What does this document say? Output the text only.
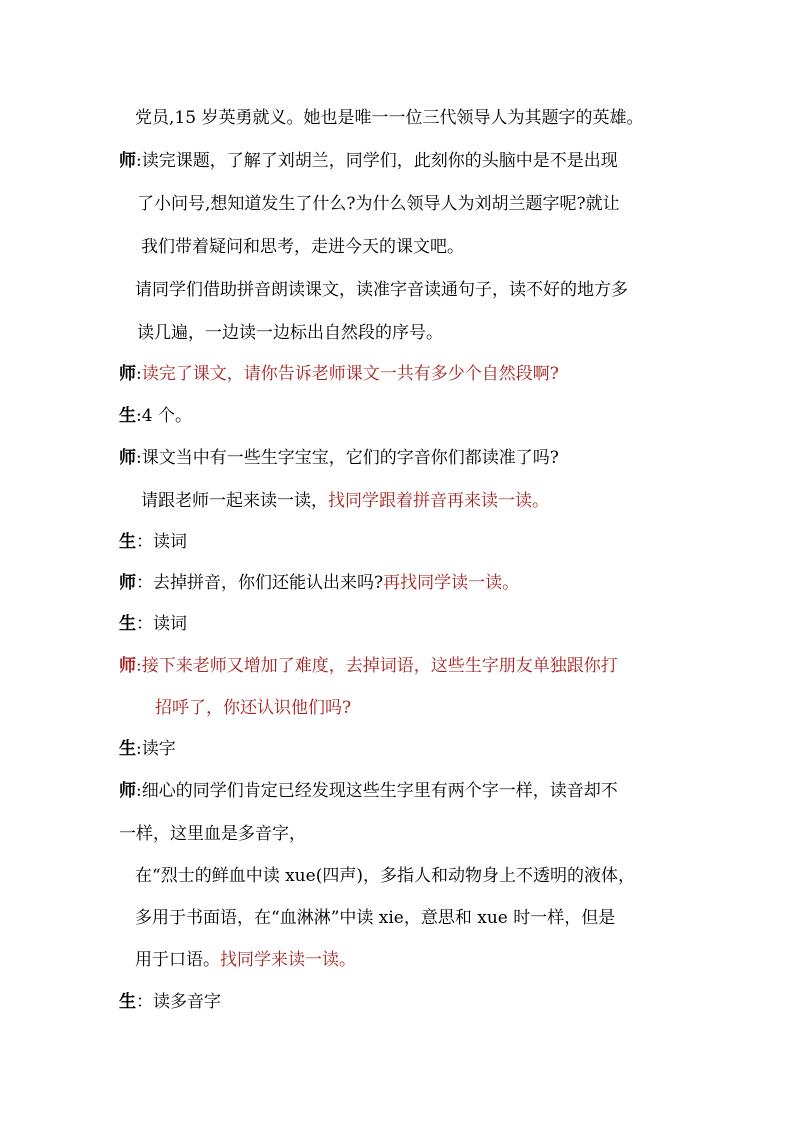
党员,15 岁英勇就义。她也是唯一一位三代领导人为其题字的英雄。
师:读完课题，了解了刘胡兰，同学们，此刻你的头脑中是不是出现
了小问号,想知道发生了什么?为什么领导人为刘胡兰题字呢?就让
我们带着疑问和思考，走进今天的课文吧。
请同学们借助拼音朗读课文，读准字音读通句子，读不好的地方多
读几遍，一边读一边标出自然段的序号。
师:读完了课文，请你告诉老师课文一共有多少个自然段啊?
生:4 个。
师:课文当中有一些生字宝宝，它们的字音你们都读准了吗?
请跟老师一起来读一读，找同学跟着拼音再来读一读。
生：读词
师：去掉拼音，你们还能认出来吗?再找同学读一读。
生：读词
师:接下来老师又增加了难度，去掉词语，这些生字朋友单独跟你打
招呼了，你还认识他们吗?
生:读字
师:细心的同学们肯定已经发现这些生字里有两个字一样，读音却不
一样，这里血是多音字，
在“烈士的鲜血中读 xue(四声)，多指人和动物身上不透明的液体，
多用于书面语，在“血淋淋”中读 xie，意思和 xue 时一样，但是
用于口语。找同学来读一读。
生：读多音字
